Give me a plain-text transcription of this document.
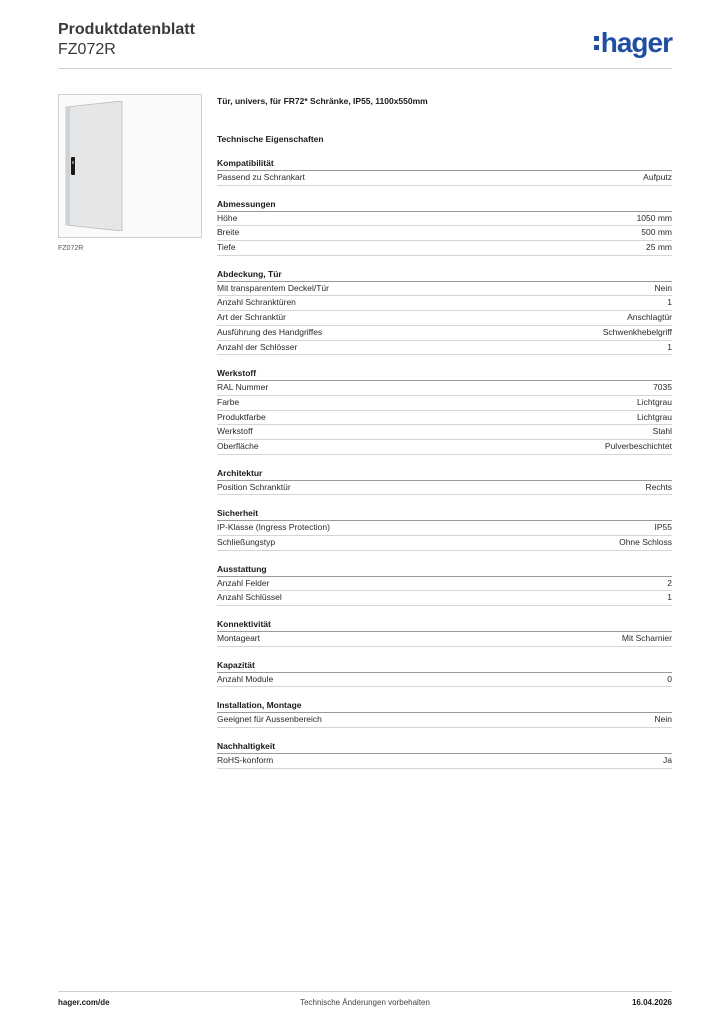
Produktdatenblatt
FZ072R	hager
FZ072R
Tür, univers, für FR72* Schränke, IP55, 1100x550mm
Technische Eigenschaften
Kompatibilität
Passend zu Schrankart	Aufputz
Abmessungen
Höhe	1050 mm
Breite	500 mm
Tiefe	25 mm
Abdeckung, Tür
Mit transparentem Deckel/Tür	Nein
Anzahl Schranktüren	1
Art der Schranktür	Anschlagtür
Ausführung des Handgriffes	Schwenkhebelgriff
Anzahl der Schlösser	1
Werkstoff
RAL Nummer	7035
Farbe	Lichtgrau
Produktfarbe	Lichtgrau
Werkstoff	Stahl
Oberfläche	Pulverbeschichtet
Architektur
Position Schranktür	Rechts
Sicherheit
IP-Klasse (Ingress Protection)	IP55
Schließungstyp	Ohne Schloss
Ausstattung
Anzahl Felder	2
Anzahl Schlüssel	1
Konnektivität
Montageart	Mit Scharnier
Kapazität
Anzahl Module	0
Installation, Montage
Geeignet für Aussenbereich	Nein
Nachhaltigkeit
RoHS-konform	Ja
hager.com/de	Technische Änderungen vorbehalten	16.04.2026
